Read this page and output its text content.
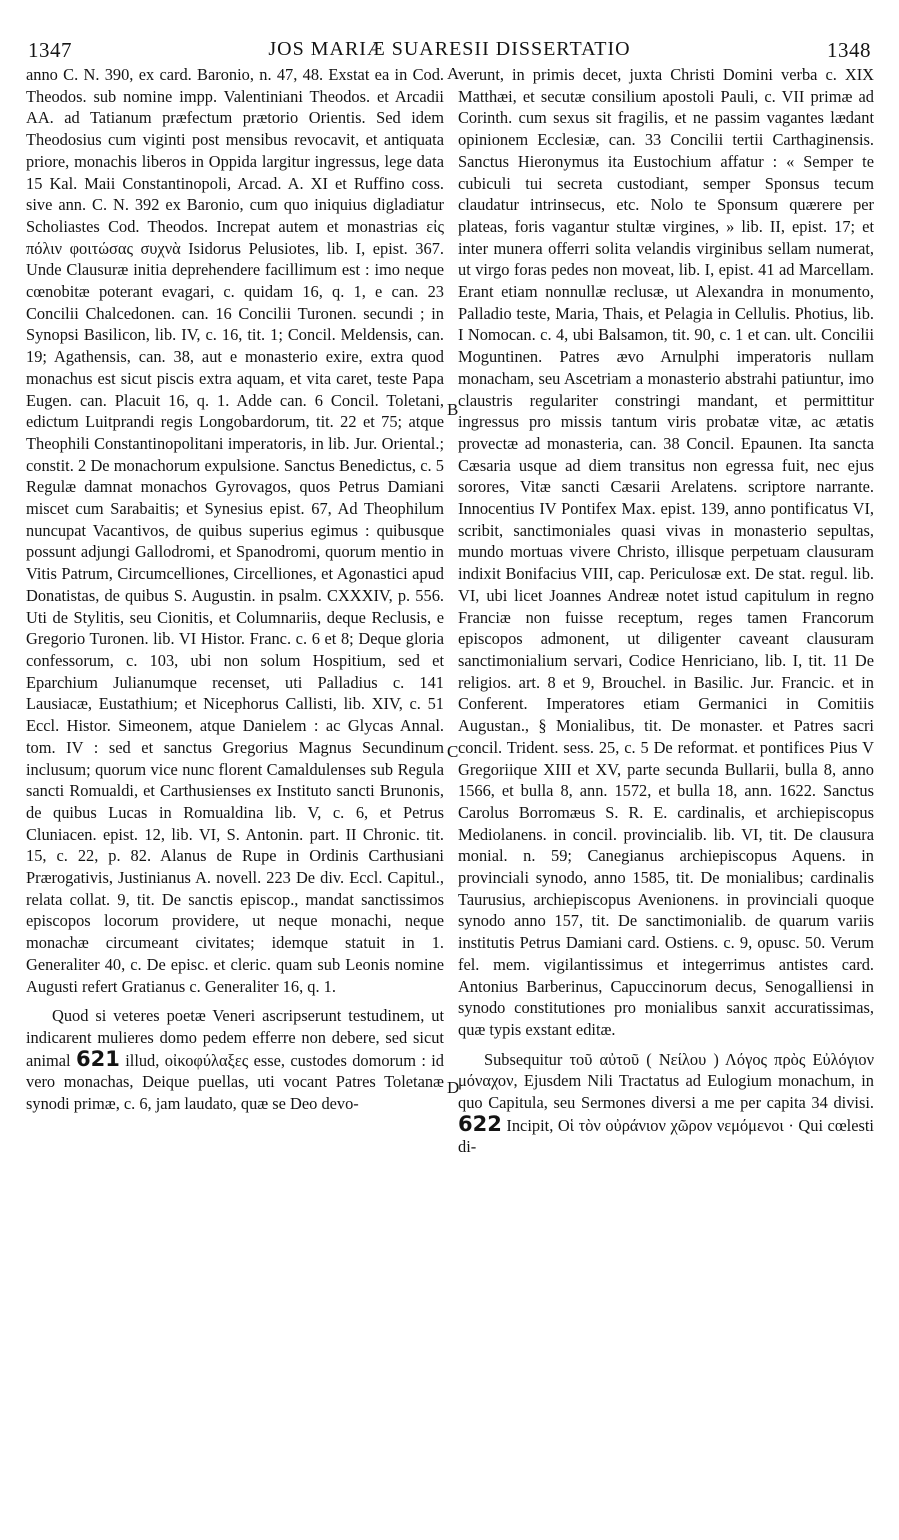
1347	JOS MARIÆ SUARESII DISSERTATIO	1348

anno C. N. 390, ex card. Baronio, n. 47, 48. Exstat ea in Cod. Theodos. sub nomine impp. Valentiniani Theodos. et Arcadii AA. ad Tatianum præfectum prætorio Orientis. Sed idem Theodosius cum viginti post mensibus revocavit, et antiquata priore, monachis liberos in Oppida largitur ingressus, lege data 15 Kal. Maii Constantinopoli, Arcad. A. XI et Ruffino coss. sive ann. C. N. 392 ex Baronio, cum quo iniquius digladiatur Scholiastes Cod. Theodos. Increpat autem et monastrias εἰς πόλιν φοιτώσας συχνὰ Isidorus Pelusiotes, lib. I, epist. 367. Unde Clausuræ initia deprehendere facillimum est : imo neque cœnobitæ poterant evagari, c. quidam 16, q. 1, e can. 23 Concilii Chalcedonen. can. 16 Concilii Turonen. secundi ; in Synopsi Basilicon, lib. IV, c. 16, tit. 1; Concil. Meldensis, can. 19; Agathensis, can. 38, aut e monasterio exire, extra quod monachus est sicut piscis extra aquam, et vita caret, teste Papa Eugen. can. Placuit 16, q. 1. Adde can. 6 Concil. Toletani, edictum Luitprandi regis Longobardorum, tit. 22 et 75; atque Theophili Constantinopolitani imperatoris, in lib. Jur. Oriental.; constit. 2 De monachorum expulsione. Sanctus Benedictus, c. 5 Regulæ damnat monachos Gyrovagos, quos Petrus Damiani miscet cum Sarabaitis; et Synesius epist. 67, Ad Theophilum nuncupat Vacantivos, de quibus superius egimus : quibusque possunt adjungi Gallodromi, et Spanodromi, quorum mentio in Vitis Patrum, Circumcelliones, Circelliones, et Agonastici apud Donatistas, de quibus S. Augustin. in psalm. CXXXIV, p. 556. Uti de Stylitis, seu Cionitis, et Columnariis, deque Reclusis, e Gregorio Turonen. lib. VI Histor. Franc. c. 6 et 8; Deque gloria confessorum, c. 103, ubi non solum Hospitium, sed et Eparchium Julianumque recenset, uti Palladius c. 141 Lausiacæ, Eustathium; et Nicephorus Callisti, lib. XIV, c. 51 Eccl. Histor. Simeonem, atque Danielem : ac Glycas Annal. tom. IV : sed et sanctus Gregorius Magnus Secundinum inclusum; quorum vice nunc florent Camaldulenses sub Regula sancti Romualdi, et Carthusienses ex Instituto sancti Brunonis, de quibus Lucas in Romualdina lib. V, c. 6, et Petrus Cluniacen. epist. 12, lib. VI, S. Antonin. part. II Chronic. tit. 15, c. 22, p. 82. Alanus de Rupe in Ordinis Carthusiani Prærogativis, Justinianus A. novell. 223 De div. Eccl. Capitul., relata collat. 9, tit. De sanctis episcop., mandat sanctissimos episcopos locorum providere, ut neque monachi, neque monachæ circumeant civitates; idemque statuit in 1. Generaliter 40, c. De episc. et cleric. quam sub Leonis nomine Augusti refert Gratianus c. Generaliter 16, q. 1.

Quod si veteres poetæ Veneri ascripserunt testudinem, ut indicarent mulieres domo pedem efferre non debere, sed sicut animal 621 illud, οἰκοφύλαξες esse, custodes domorum : id vero monachas, Deique puellas, uti vocant Patres Toletanæ synodi primæ, c. 6, jam laudato, quæ se Deo devo-

A
B
C
D

verunt, in primis decet, juxta Christi Domini verba c. XIX Matthæi, et secutæ consilium apostoli Pauli, c. VII primæ ad Corinth. cum sexus sit fragilis, et ne passim vagantes lædant opinionem Ecclesiæ, can. 33 Concilii tertii Carthaginensis. Sanctus Hieronymus ita Eustochium affatur : « Semper te cubiculi tui secreta custodiant, semper Sponsus tecum claudatur intrinsecus, etc. Nolo te Sponsum quærere per plateas, foris vagantur stultæ virgines, » lib. II, epist. 17; et inter munera offerri solita velandis virginibus sellam numerat, ut virgo foras pedes non moveat, lib. I, epist. 41 ad Marcellam. Erant etiam nonnullæ reclusæ, ut Alexandra in monumento, Palladio teste, Maria, Thais, et Pelagia in Cellulis. Photius, lib. I Nomocan. c. 4, ubi Balsamon, tit. 90, c. 1 et can. ult. Concilii Moguntinen. Patres ævo Arnulphi imperatoris nullam monacham, seu Ascetriam a monasterio abstrahi patiuntur, imo claustris regulariter constringi mandant, et permittitur ingressus pro missis tantum viris probatæ vitæ, ac ætatis provectæ ad monasteria, can. 38 Concil. Epaunen. Ita sancta Cæsaria usque ad diem transitus non egressa fuit, nec ejus sorores, Vitæ sancti Cæsarii Arelatens. scriptore narrante. Innocentius IV Pontifex Max. epist. 139, anno pontificatus VI, scribit, sanctimoniales quasi vivas in monasterio sepultas, mundo mortuas vivere Christo, illisque perpetuam clausuram indixit Bonifacius VIII, cap. Periculosæ ext. De stat. regul. lib. VI, ubi licet Joannes Andreæ notet istud capitulum in regno Franciæ non fuisse receptum, reges tamen Francorum episcopos admonent, ut diligenter caveant clausuram sanctimonialium servari, Codice Henriciano, lib. I, tit. 11 De religios. art. 8 et 9, Brouchel. in Basilic. Jur. Francic. et in Conferent. Imperatores etiam Germanici in Comitiis Augustan., § Monialibus, tit. De monaster. et Patres sacri concil. Trident. sess. 25, c. 5 De reformat. et pontifices Pius V Gregoriique XIII et XV, parte secunda Bullarii, bulla 8, anno 1566, et bulla 8, ann. 1572, et bulla 18, ann. 1622. Sanctus Carolus Borromæus S. R. E. cardinalis, et archiepiscopus Mediolanens. in concil. provincialib. lib. VI, tit. De clausura monial. n. 59; Canegianus archiepiscopus Aquens. in provinciali synodo, anno 1585, tit. De monialibus; cardinalis Taurusius, archiepiscopus Avenionens. in provinciali quoque synodo anno 157, tit. De sanctimonialib. de quarum variis institutis Petrus Damiani card. Ostiens. c. 9, opusc. 50. Verum fel. mem. vigilantissimus et integerrimus antistes card. Antonius Barberinus, Capuccinorum decus, Senogalliensi in synodo constitutiones pro monialibus sanxit accuratissimas, quæ typis exstant editæ.

Subsequitur τοῦ αὐτοῦ ( Νείλου ) Λόγος πρὸς Εὐλόγιον μόναχον, Ejusdem Nili Tractatus ad Eulogium monachum, in quo Capitula, seu Sermones diversi a me per capita 34 divisi. 622 Incipit, Οἱ τὸν οὐράνιον χῶρον νεμόμενοι · Qui cœlesti di-
